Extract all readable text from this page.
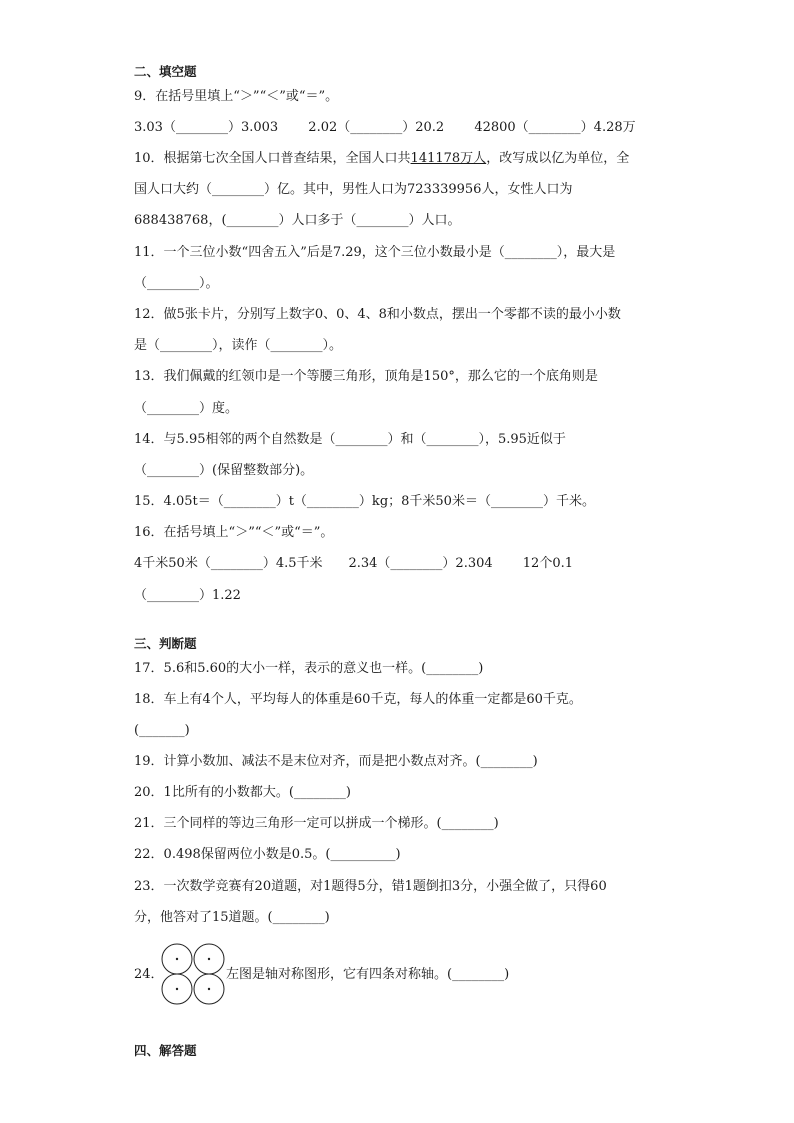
二、填空题
9．在括号里填上“＞”“＜”或“＝”。
3.03（________）3.003　　 2.02（________）20.2　　 42800（________）4.28万
10．根据第七次全国人口普查结果，全国人口共141178万人，改写成以亿为单位，全
国人口大约（________）亿。其中，男性人口为723339956人，女性人口为
688438768，(________）人口多于（________）人口。
11．一个三位小数“四舍五入”后是7.29，这个三位小数最小是（________），最大是
（________）。
12．做5张卡片，分别写上数字0、0、4、8和小数点，摆出一个零都不读的最小小数
是（________），读作（________）。
13．我们佩戴的红领巾是一个等腰三角形，顶角是150°，那么它的一个底角则是
（________）度。
14．与5.95相邻的两个自然数是（________）和（________），5.95近似于
（________）(保留整数部分)。
15．4.05t＝（________）t（________）kg；8千米50米＝（________）千米。
16．在括号填上“＞”“＜”或“＝”。
4千米50米（________）4.5千米　　2.34（________）2.304　　 12个0.1
（________）1.22
三、判断题
17．5.6和5.60的大小一样，表示的意义也一样。(________)
18．车上有4个人，平均每人的体重是60千克，每人的体重一定都是60千克。
(_______)
19．计算小数加、减法不是末位对齐，而是把小数点对齐。(________)
20．1比所有的小数都大。(________)
21．三个同样的等边三角形一定可以拼成一个梯形。(________)
22．0.498保留两位小数是0.5。(__________)
23．一次数学竞赛有20道题，对1题得5分，错1题倒扣3分，小强全做了，只得60
分，他答对了15道题。(________)
24．	左图是轴对称图形，它有四条对称轴。(________)
四、解答题
